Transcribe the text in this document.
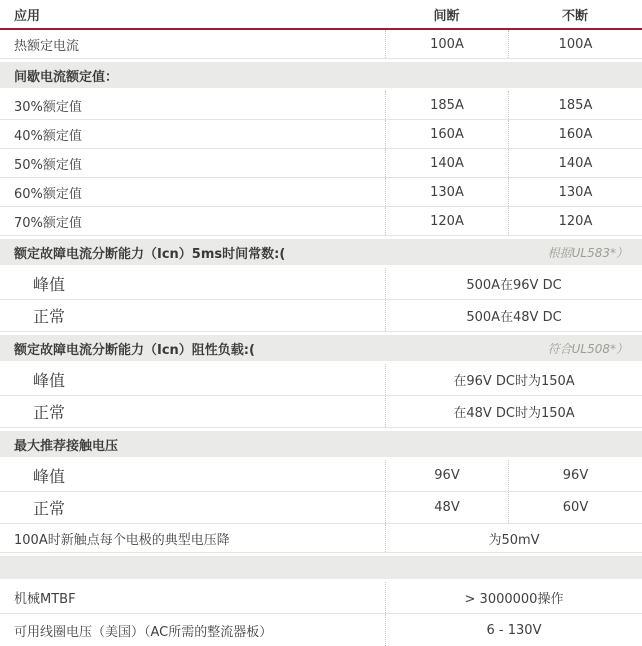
应用	间断	不断
热额定电流	100A	100A
间歇电流额定值：
30%额定值	185A	185A
40%额定值	160A	160A
50%额定值	140A	140A
60%额定值	130A	130A
70%额定值	120A	120A
额定故障电流分断能力（Icn）5ms时间常数:(	根据UL583*）
峰值	500A在96V DC
正常	500A在48V DC
额定故障电流分断能力（Icn）阻性负载:(	符合UL508*）
峰值	在96V DC时为150A
正常	在48V DC时为150A
最大推荐接触电压
峰值	96V	96V
正常	48V	60V
100A时新触点每个电极的典型电压降	为50mV
机械MTBF	> 3000000操作
可用线圈电压（美国）（AC所需的整流器板）	6 - 130V
